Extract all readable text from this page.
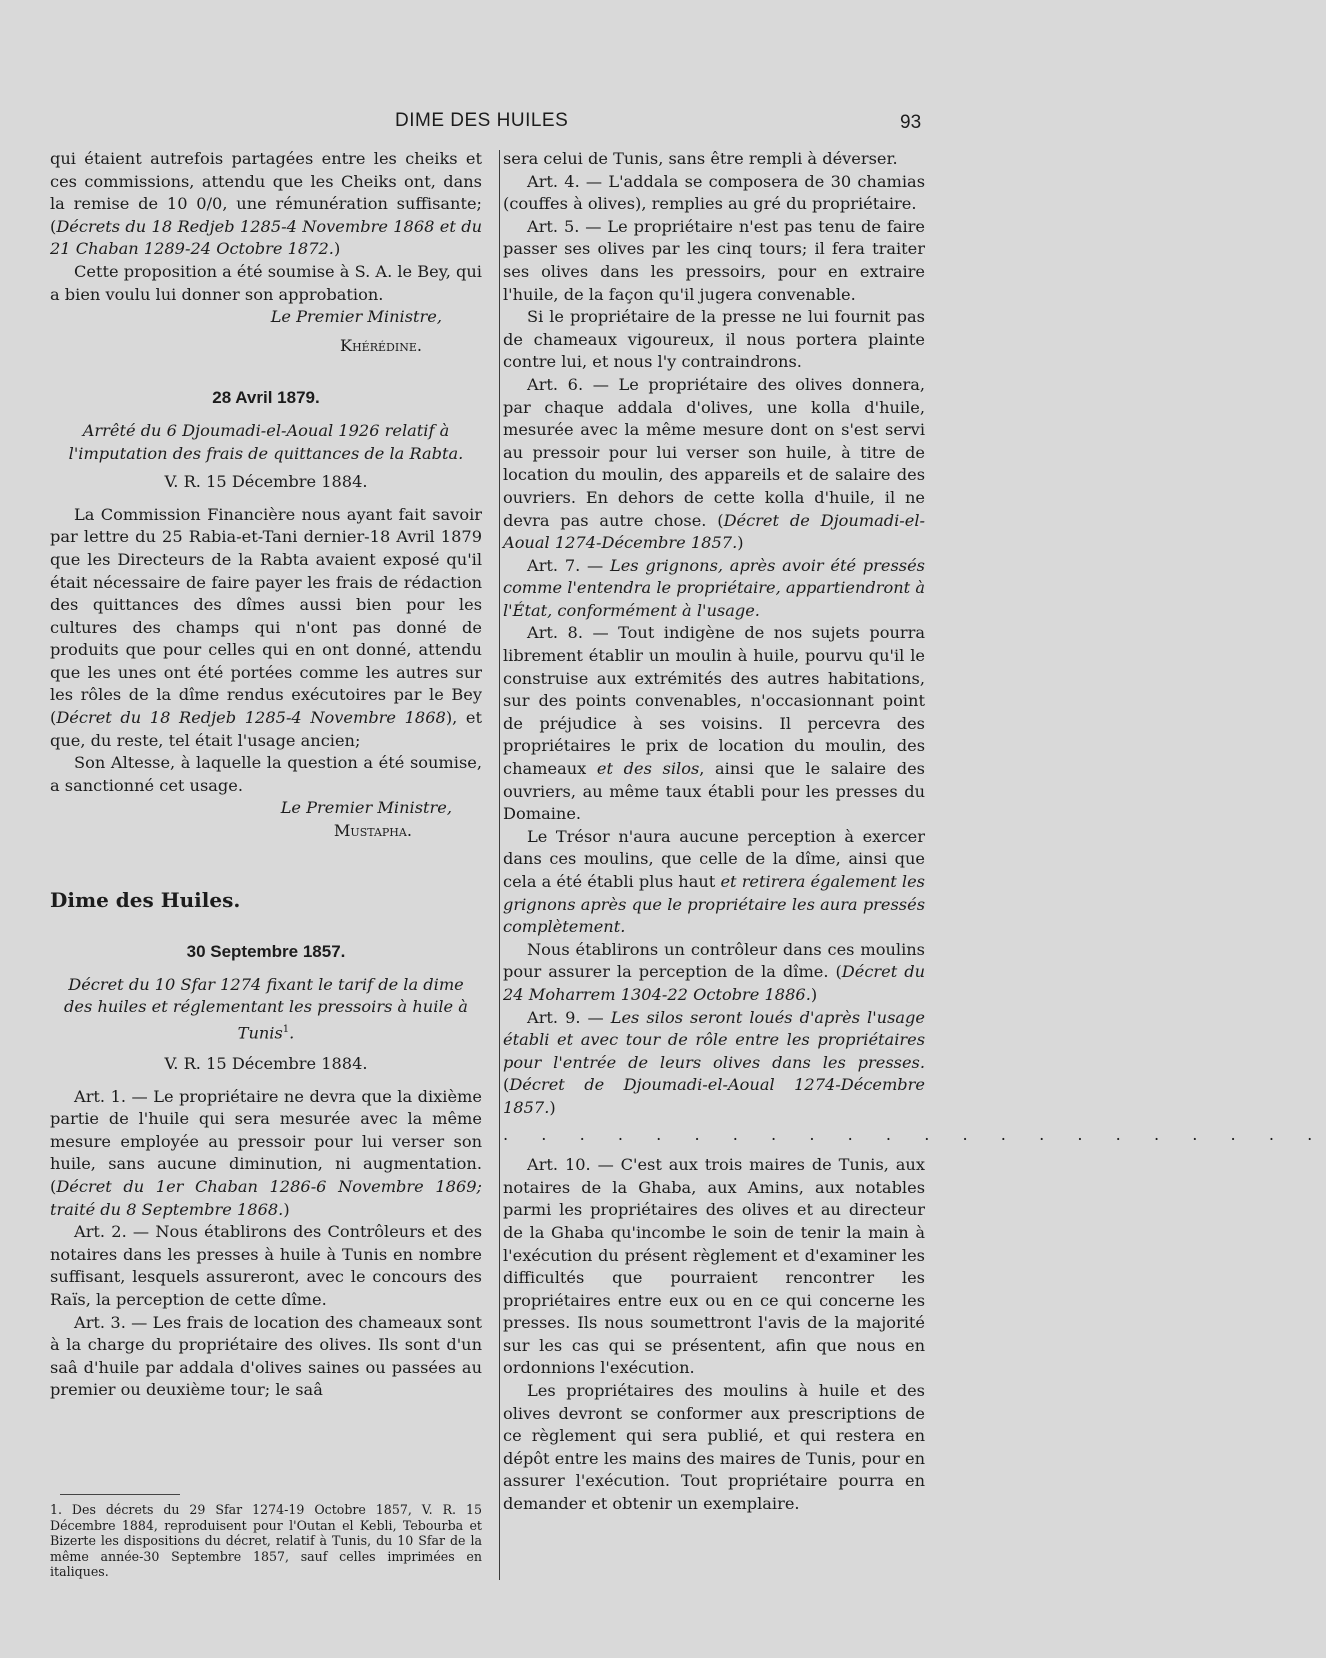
DIME DES HUILES	93

qui étaient autrefois partagées entre les cheiks et ces commissions, attendu que les Cheiks ont, dans la remise de 10 0/0, une rémunération suffisante; (Décrets du 18 Redjeb 1285-4 Novembre 1868 et du 21 Chaban 1289-24 Octobre 1872.)

Cette proposition a été soumise à S. A. le Bey, qui a bien voulu lui donner son approbation.

Le Premier Ministre,

Khérédine.

28 Avril 1879.

Arrêté du 6 Djoumadi-el-Aoual 1926 relatif à l'imputation des frais de quittances de la Rabta.

V. R. 15 Décembre 1884.

La Commission Financière nous ayant fait savoir par lettre du 25 Rabia-et-Tani dernier-18 Avril 1879 que les Directeurs de la Rabta avaient exposé qu'il était nécessaire de faire payer les frais de rédaction des quittances des dîmes aussi bien pour les cultures des champs qui n'ont pas donné de produits que pour celles qui en ont donné, attendu que les unes ont été portées comme les autres sur les rôles de la dîme rendus exécutoires par le Bey (Décret du 18 Redjeb 1285-4 Novembre 1868), et que, du reste, tel était l'usage ancien;

Son Altesse, à laquelle la question a été soumise, a sanctionné cet usage.

Le Premier Ministre,

Mustapha.

Dime des Huiles.

30 Septembre 1857.

Décret du 10 Sfar 1274 fixant le tarif de la dime des huiles et réglementant les pressoirs à huile à Tunis$^1$.

V. R. 15 Décembre 1884.

Art. 1. — Le propriétaire ne devra que la dixième partie de l'huile qui sera mesurée avec la même mesure employée au pressoir pour lui verser son huile, sans aucune diminution, ni augmentation. (Décret du 1er Chaban 1286-6 Novembre 1869; traité du 8 Septembre 1868.)

Art. 2. — Nous établirons des Contrôleurs et des notaires dans les presses à huile à Tunis en nombre suffisant, lesquels assureront, avec le concours des Raïs, la perception de cette dîme.

Art. 3. — Les frais de location des chameaux sont à la charge du propriétaire des olives. Ils sont d'un saâ d'huile par addala d'olives saines ou passées au premier ou deuxième tour; le saâ

1. Des décrets du 29 Sfar 1274-19 Octobre 1857, V. R. 15 Décembre 1884, reproduisent pour l'Outan el Kebli, Tebourba et Bizerte les dispositions du décret, relatif à Tunis, du 10 Sfar de la même année-30 Septembre 1857, sauf celles imprimées en italiques.

sera celui de Tunis, sans être rempli à déverser.

Art. 4. — L'addala se composera de 30 chamias (couffes à olives), remplies au gré du propriétaire.

Art. 5. — Le propriétaire n'est pas tenu de faire passer ses olives par les cinq tours; il fera traiter ses olives dans les pressoirs, pour en extraire l'huile, de la façon qu'il jugera convenable.

Si le propriétaire de la presse ne lui fournit pas de chameaux vigoureux, il nous portera plainte contre lui, et nous l'y contraindrons.

Art. 6. — Le propriétaire des olives donnera, par chaque addala d'olives, une kolla d'huile, mesurée avec la même mesure dont on s'est servi au pressoir pour lui verser son huile, à titre de location du moulin, des appareils et de salaire des ouvriers. En dehors de cette kolla d'huile, il ne devra pas autre chose. (Décret de Djoumadi-el-Aoual 1274-Décembre 1857.)

Art. 7. — Les grignons, après avoir été pressés comme l'entendra le propriétaire, appartiendront à l'État, conformément à l'usage.

Art. 8. — Tout indigène de nos sujets pourra librement établir un moulin à huile, pourvu qu'il le construise aux extrémités des autres habitations, sur des points convenables, n'occasionnant point de préjudice à ses voisins. Il percevra des propriétaires le prix de location du moulin, des chameaux et des silos, ainsi que le salaire des ouvriers, au même taux établi pour les presses du Domaine.

Le Trésor n'aura aucune perception à exercer dans ces moulins, que celle de la dîme, ainsi que cela a été établi plus haut et retirera également les grignons après que le propriétaire les aura pressés complètement.

Nous établirons un contrôleur dans ces moulins pour assurer la perception de la dîme. (Décret du 24 Moharrem 1304-22 Octobre 1886.)

Art. 9. — Les silos seront loués d'après l'usage établi et avec tour de rôle entre les propriétaires pour l'entrée de leurs olives dans les presses. (Décret de Djoumadi-el-Aoual 1274-Décembre 1857.)

. . . . . . . . . . . . . . . . . . . . . .

Art. 10. — C'est aux trois maires de Tunis, aux notaires de la Ghaba, aux Amins, aux notables parmi les propriétaires des olives et au directeur de la Ghaba qu'incombe le soin de tenir la main à l'exécution du présent règlement et d'examiner les difficultés que pourraient rencontrer les propriétaires entre eux ou en ce qui concerne les presses. Ils nous soumettront l'avis de la majorité sur les cas qui se présentent, afin que nous en ordonnions l'exécution.

Les propriétaires des moulins à huile et des olives devront se conformer aux prescriptions de ce règlement qui sera publié, et qui restera en dépôt entre les mains des maires de Tunis, pour en assurer l'exécution. Tout propriétaire pourra en demander et obtenir un exemplaire.
